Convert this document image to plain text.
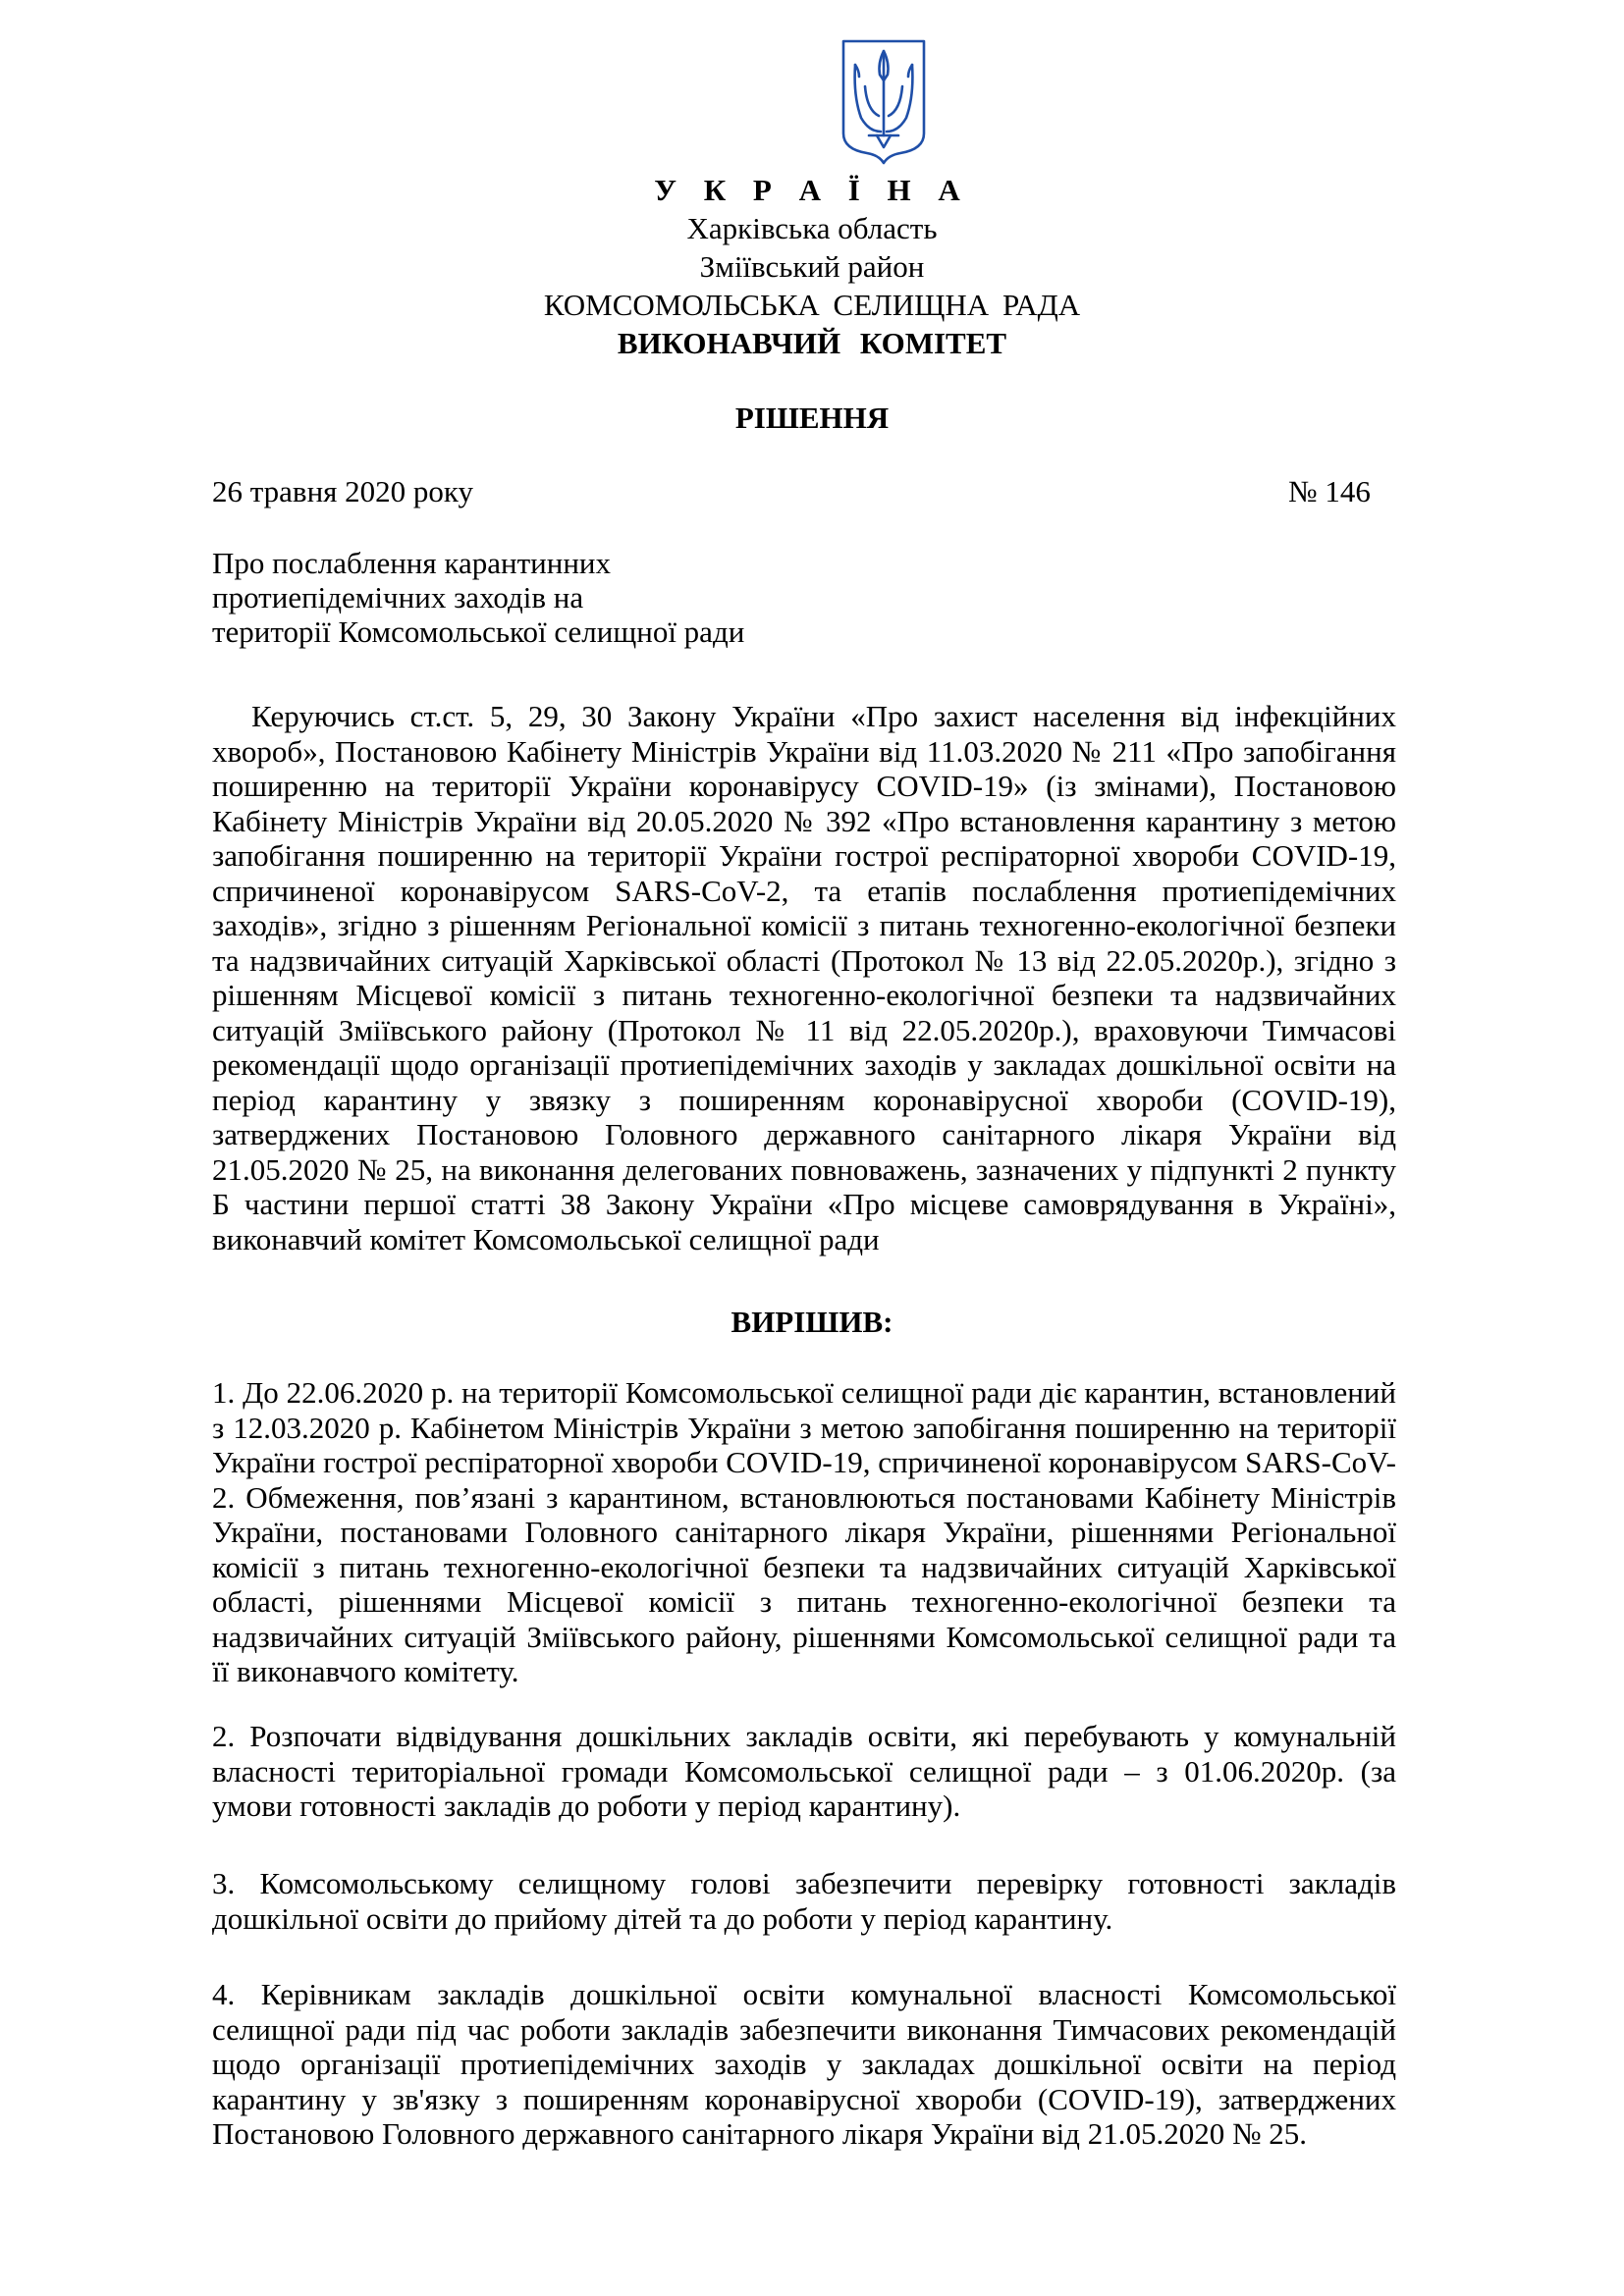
У К Р А Ї Н А
Харківська область
Зміївський район
КОМСОМОЛЬСЬКА СЕЛИЩНА РАДА
ВИКОНАВЧИЙ КОМІТЕТ
РІШЕННЯ
26 травня 2020 року	№ 146
Про послаблення карантинних
протиепідемічних заходів на
території Комсомольської селищної ради

Керуючись ст.ст. 5, 29, 30 Закону України «Про захист населення від інфекційних хвороб», Постановою Кабінету Міністрів України від 11.03.2020 № 211 «Про запобігання поширенню на території України коронавірусу COVID-19» (із змінами), Постановою Кабінету Міністрів України від 20.05.2020 № 392 «Про встановлення карантину з метою запобігання поширенню на території України гострої респіраторної хвороби COVID-19, спричиненої коронавірусом SARS-CoV-2, та етапів послаблення протиепідемічних заходів», згідно з рішенням Регіональної комісії з питань техногенно-екологічної безпеки та надзвичайних ситуацій Харківської області (Протокол № 13 від 22.05.2020р.), згідно з рішенням Місцевої комісії з питань техногенно-екологічної безпеки та надзвичайних ситуацій Зміївського району (Протокол № 11 від 22.05.2020р.), враховуючи Тимчасові рекомендації щодо організації протиепідемічних заходів у закладах дошкільної освіти на період карантину у звязку з поширенням коронавірусної хвороби (COVID-19), затверджених Постановою Головного державного санітарного лікаря України від 21.05.2020 № 25, на виконання делегованих повноважень, зазначених у підпункті 2 пункту Б частини першої статті 38 Закону України «Про місцеве самоврядування в Україні», виконавчий комітет Комсомольської селищної ради

ВИРІШИВ:

1. До 22.06.2020 р. на території Комсомольської селищної ради діє карантин, встановлений з 12.03.2020 р. Кабінетом Міністрів України з метою запобігання поширенню на території України гострої респіраторної хвороби COVID-19, спричиненої коронавірусом SARS-CoV-2. Обмеження, пов’язані з карантином, встановлюються постановами Кабінету Міністрів України, постановами Головного санітарного лікаря України, рішеннями Регіональної комісії з питань техногенно-екологічної безпеки та надзвичайних ситуацій Харківської області, рішеннями Місцевої комісії з питань техногенно-екологічної безпеки та надзвичайних ситуацій Зміївського району, рішеннями Комсомольської селищної ради та її виконавчого комітету.

2. Розпочати відвідування дошкільних закладів освіти, які перебувають у комунальній власності територіальної громади Комсомольської селищної ради – з 01.06.2020р. (за умови готовності закладів до роботи у період карантину).

3. Комсомольському селищному голові забезпечити перевірку готовності закладів дошкільної освіти до прийому дітей та до роботи у період карантину.

4. Керівникам закладів дошкільної освіти комунальної власності Комсомольської селищної ради під час роботи закладів забезпечити виконання Тимчасових рекомендацій щодо організації протиепідемічних заходів у закладах дошкільної освіти на період карантину у зв'язку з поширенням коронавірусної хвороби (COVID-19), затверджених Постановою Головного державного санітарного лікаря України від 21.05.2020 № 25.
